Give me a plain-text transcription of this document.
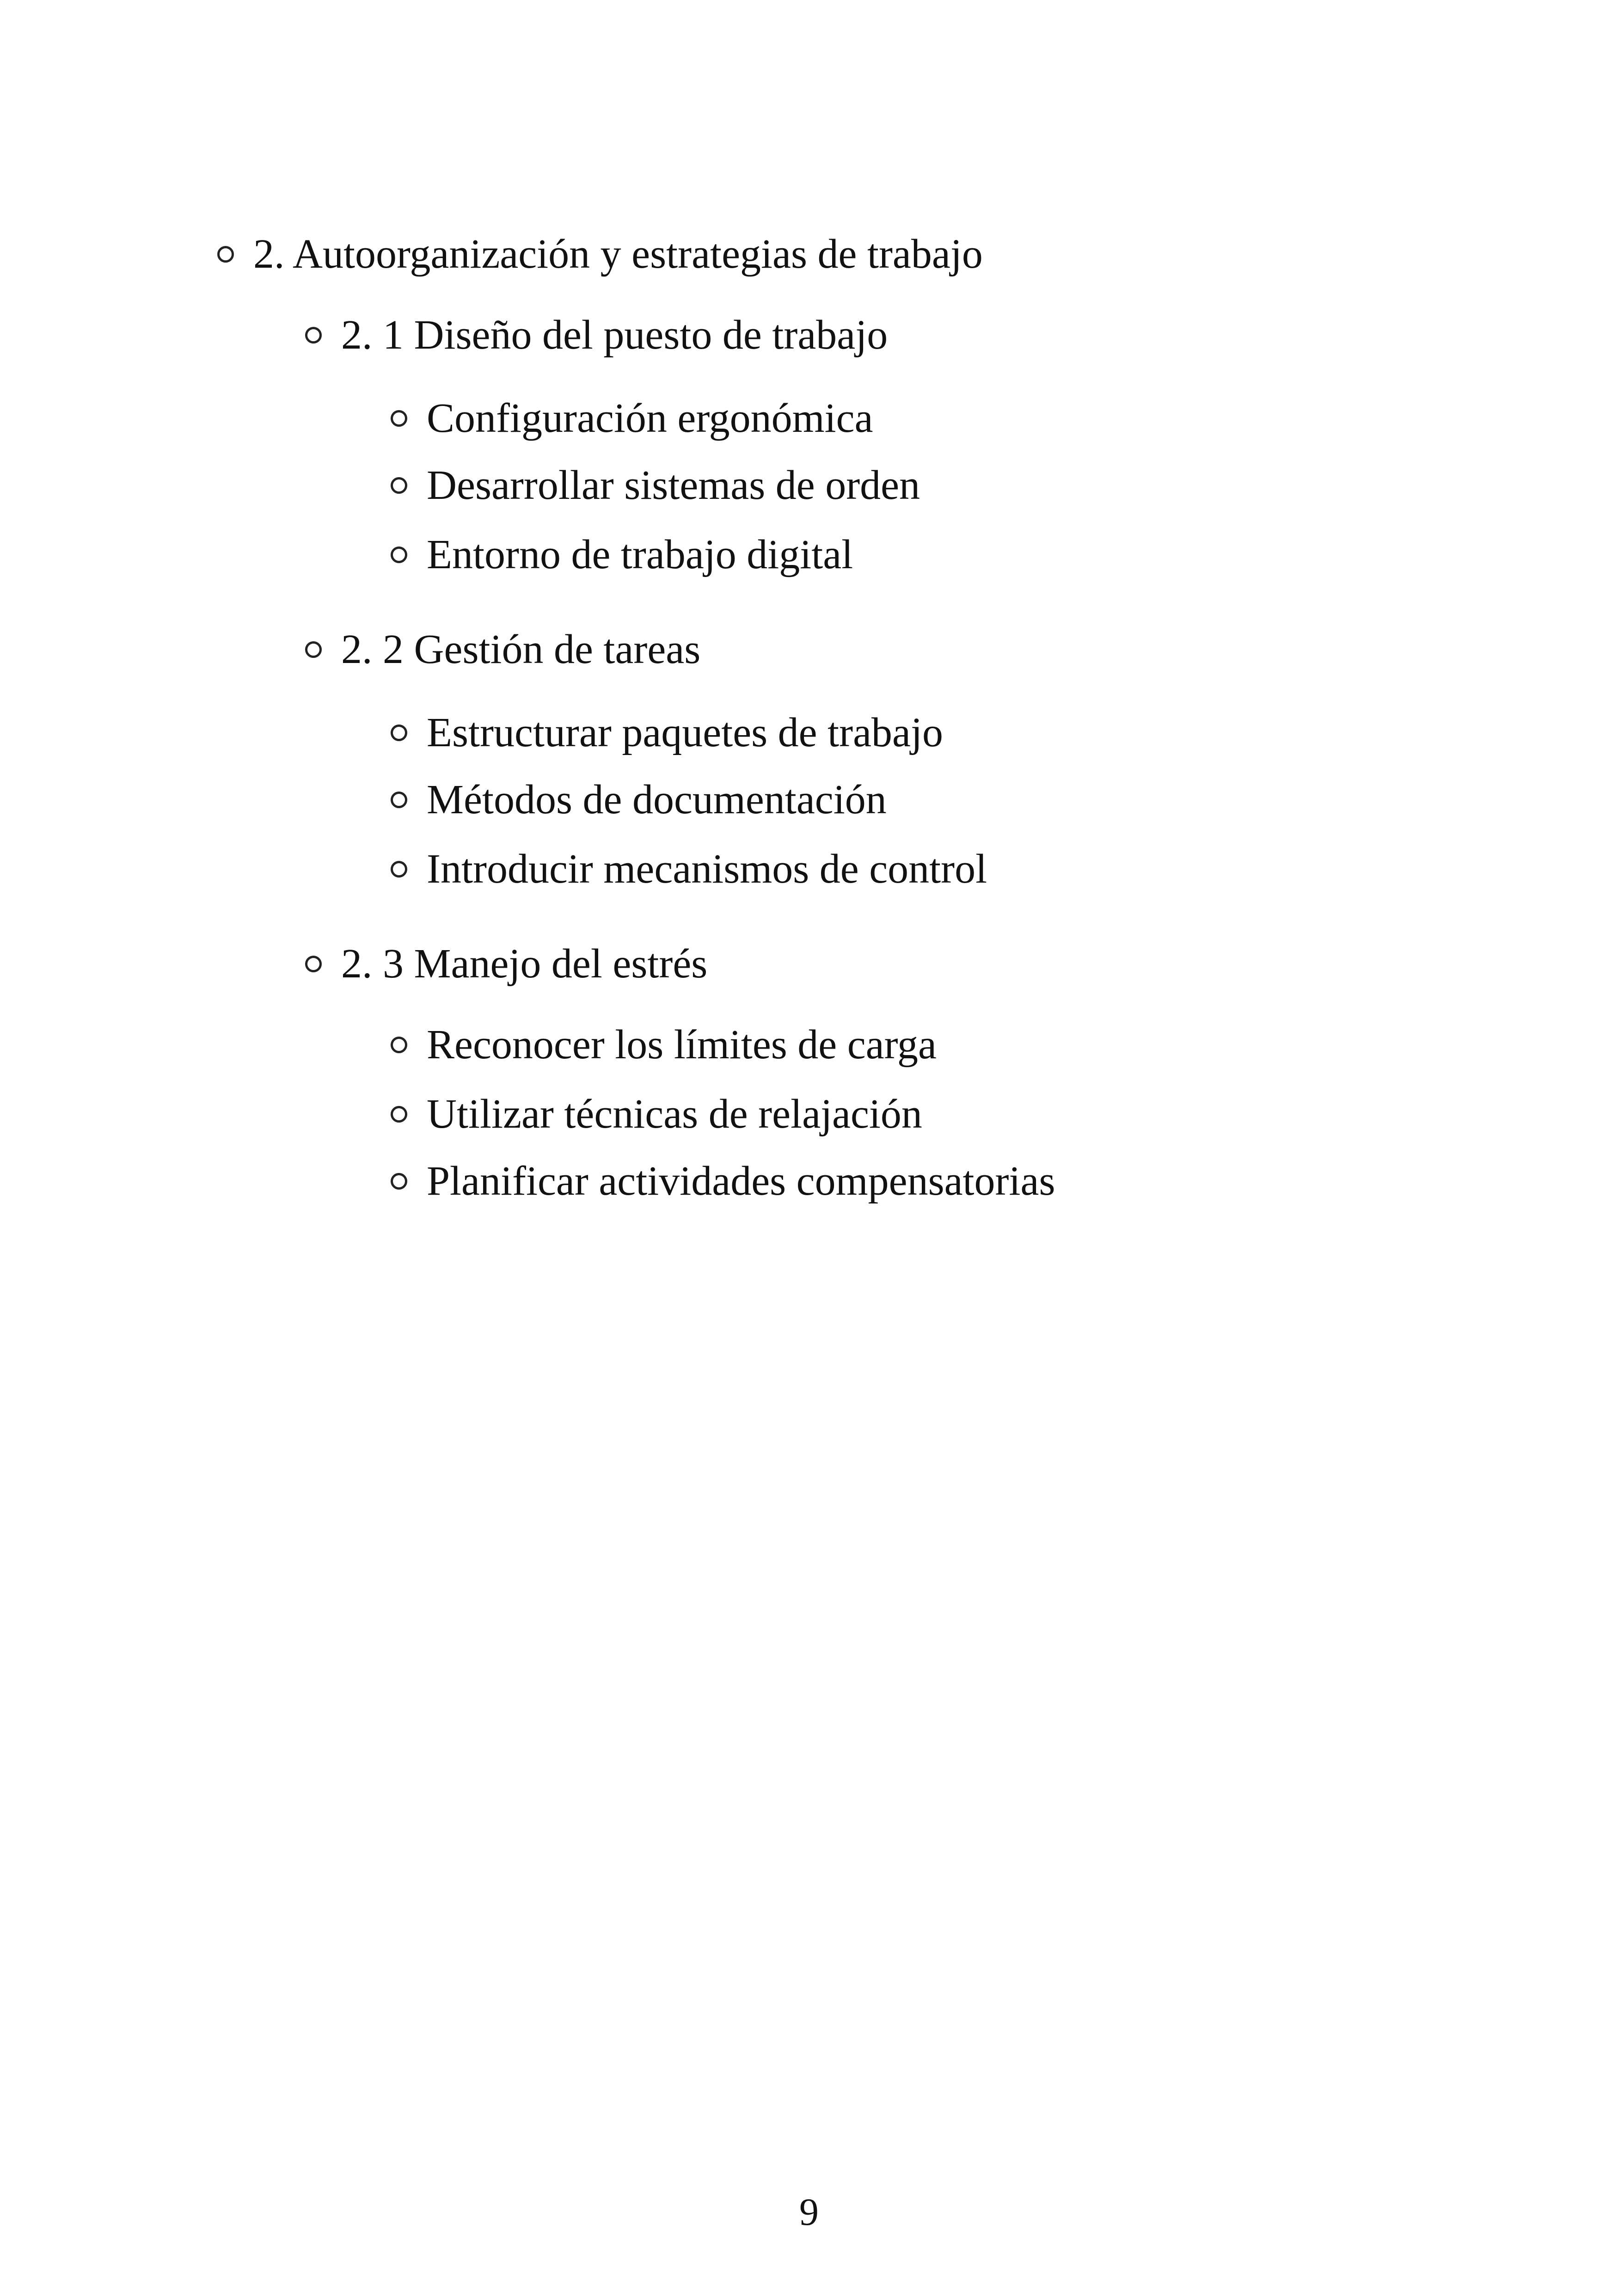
2. Autoorganización y estrategias de trabajo
2. 1 Diseño del puesto de trabajo
Configuración ergonómica
Desarrollar sistemas de orden
Entorno de trabajo digital
2. 2 Gestión de tareas
Estructurar paquetes de trabajo
Métodos de documentación
Introducir mecanismos de control
2. 3 Manejo del estrés
Reconocer los límites de carga
Utilizar técnicas de relajación
Planificar actividades compensatorias
9
